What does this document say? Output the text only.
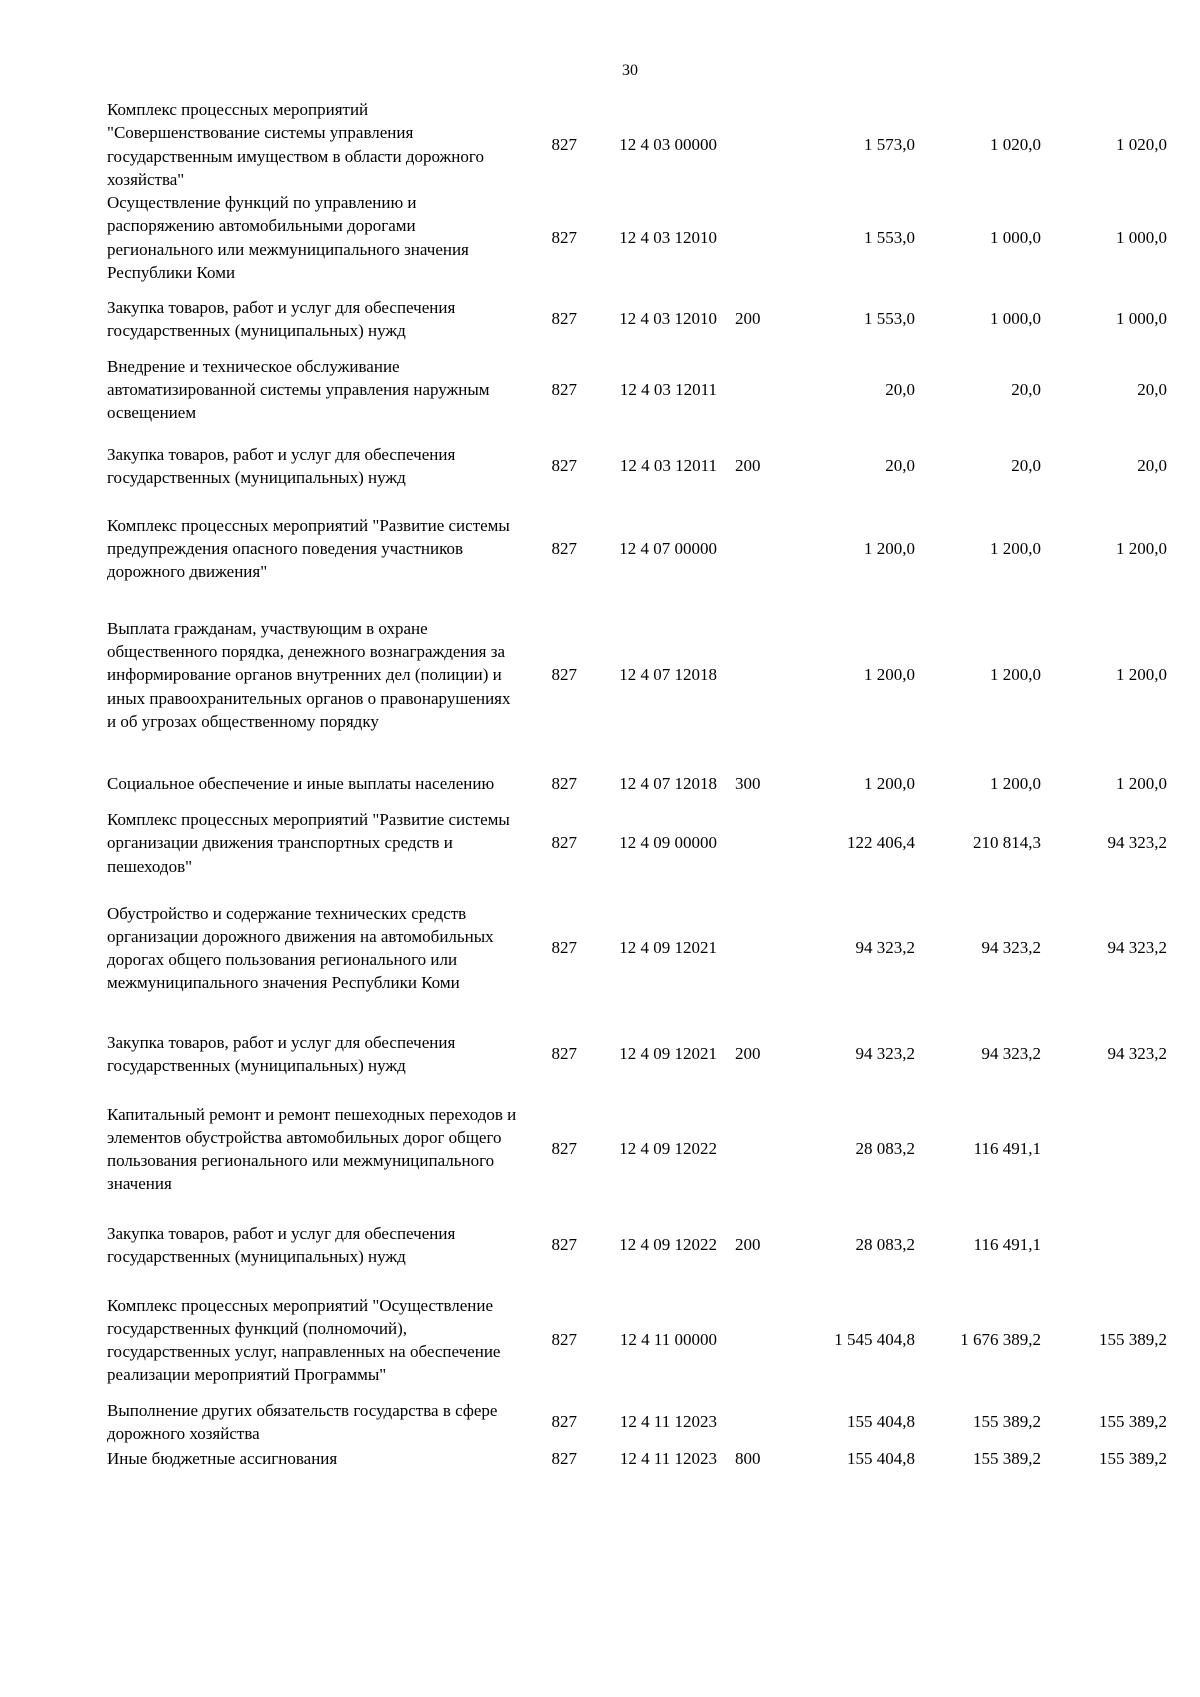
30
Комплекс процессных мероприятий "Совершенствование системы управления государственным имуществом в области дорожного хозяйства"	827	12 4 03 00000		1 573,0	1 020,0	1 020,0
Осуществление функций по управлению и распоряжению автомобильными дорогами регионального или межмуниципального значения Республики Коми	827	12 4 03 12010		1 553,0	1 000,0	1 000,0
Закупка товаров, работ и услуг для обеспечения государственных (муниципальных) нужд	827	12 4 03 12010	200	1 553,0	1 000,0	1 000,0
Внедрение и техническое обслуживание автоматизированной системы управления наружным освещением	827	12 4 03 12011		20,0	20,0	20,0
Закупка товаров, работ и услуг для обеспечения государственных (муниципальных) нужд	827	12 4 03 12011	200	20,0	20,0	20,0
Комплекс процессных мероприятий "Развитие системы предупреждения опасного поведения участников дорожного движения"	827	12 4 07 00000		1 200,0	1 200,0	1 200,0
Выплата гражданам, участвующим в охране общественного порядка, денежного вознаграждения за информирование органов внутренних дел (полиции) и иных правоохранительных органов о правонарушениях и об угрозах общественному порядку	827	12 4 07 12018		1 200,0	1 200,0	1 200,0
Социальное обеспечение и иные выплаты населению	827	12 4 07 12018	300	1 200,0	1 200,0	1 200,0
Комплекс процессных мероприятий "Развитие системы организации движения транспортных средств и пешеходов"	827	12 4 09 00000		122 406,4	210 814,3	94 323,2
Обустройство и содержание технических средств организации дорожного движения на автомобильных дорогах общего пользования регионального или межмуниципального значения Республики Коми	827	12 4 09 12021		94 323,2	94 323,2	94 323,2
Закупка товаров, работ и услуг для обеспечения государственных (муниципальных) нужд	827	12 4 09 12021	200	94 323,2	94 323,2	94 323,2
Капитальный ремонт и ремонт пешеходных переходов и элементов обустройства автомобильных дорог общего пользования регионального или межмуниципального значения	827	12 4 09 12022		28 083,2	116 491,1	
Закупка товаров, работ и услуг для обеспечения государственных (муниципальных) нужд	827	12 4 09 12022	200	28 083,2	116 491,1	
Комплекс процессных мероприятий "Осуществление государственных функций (полномочий), государственных услуг, направленных на обеспечение реализации мероприятий Программы"	827	12 4 11 00000		1 545 404,8	1 676 389,2	155 389,2
Выполнение других обязательств государства в сфере дорожного хозяйства	827	12 4 11 12023		155 404,8	155 389,2	155 389,2
Иные бюджетные ассигнования	827	12 4 11 12023	800	155 404,8	155 389,2	155 389,2
